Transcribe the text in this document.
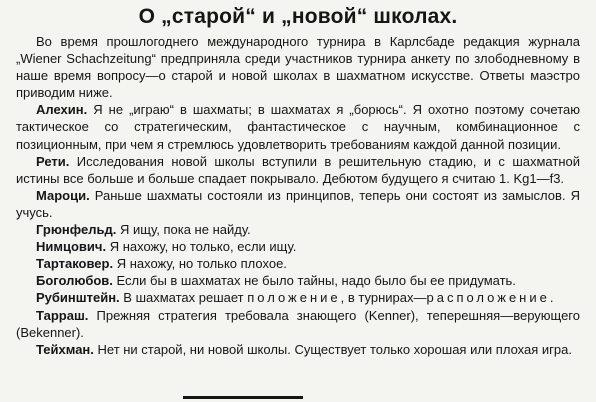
О „старой“ и „новой“ школах.

Во время прошлогоднего международного турнира в Карлсбаде редакция журнала „Wiener Schachzeitung“ предприняла среди участников турнира анкету по злободневному в наше время вопросу—о старой и новой школах в шахматном искусстве. Ответы маэстро приводим ниже.

Алехин. Я не „играю“ в шахматы; в шахматах я „борюсь“. Я охотно поэтому сочетаю тактическое со стратегическим, фантастическое с научным, комбинационное с позиционным, при чем я стремлюсь удовлетворить требованиям каждой данной позиции.

Рети. Исследования новой школы вступили в решительную стадию, и с шахматной истины все больше и больше спадает покрывало. Дебютом будущего я считаю 1. Kg1—f3.

Мароци. Раньше шахматы состояли из принципов, теперь они состоят из замыслов. Я учусь.

Грюнфельд. Я ищу, пока не найду.

Нимцович. Я нахожу, но только, если ищу.

Тартаковер. Я нахожу, но только плохое.

Боголюбов. Если бы в шахматах не было тайны, надо было бы ее придумать.

Рубинштейн. В шахматах решает положение, в турнирах—расположение.

Тарраш. Прежняя стратегия требовала знающего (Kenner), теперешняя—верующего (Bekenner).

Тейхман. Нет ни старой, ни новой школы. Существует только хорошая или плохая игра.
